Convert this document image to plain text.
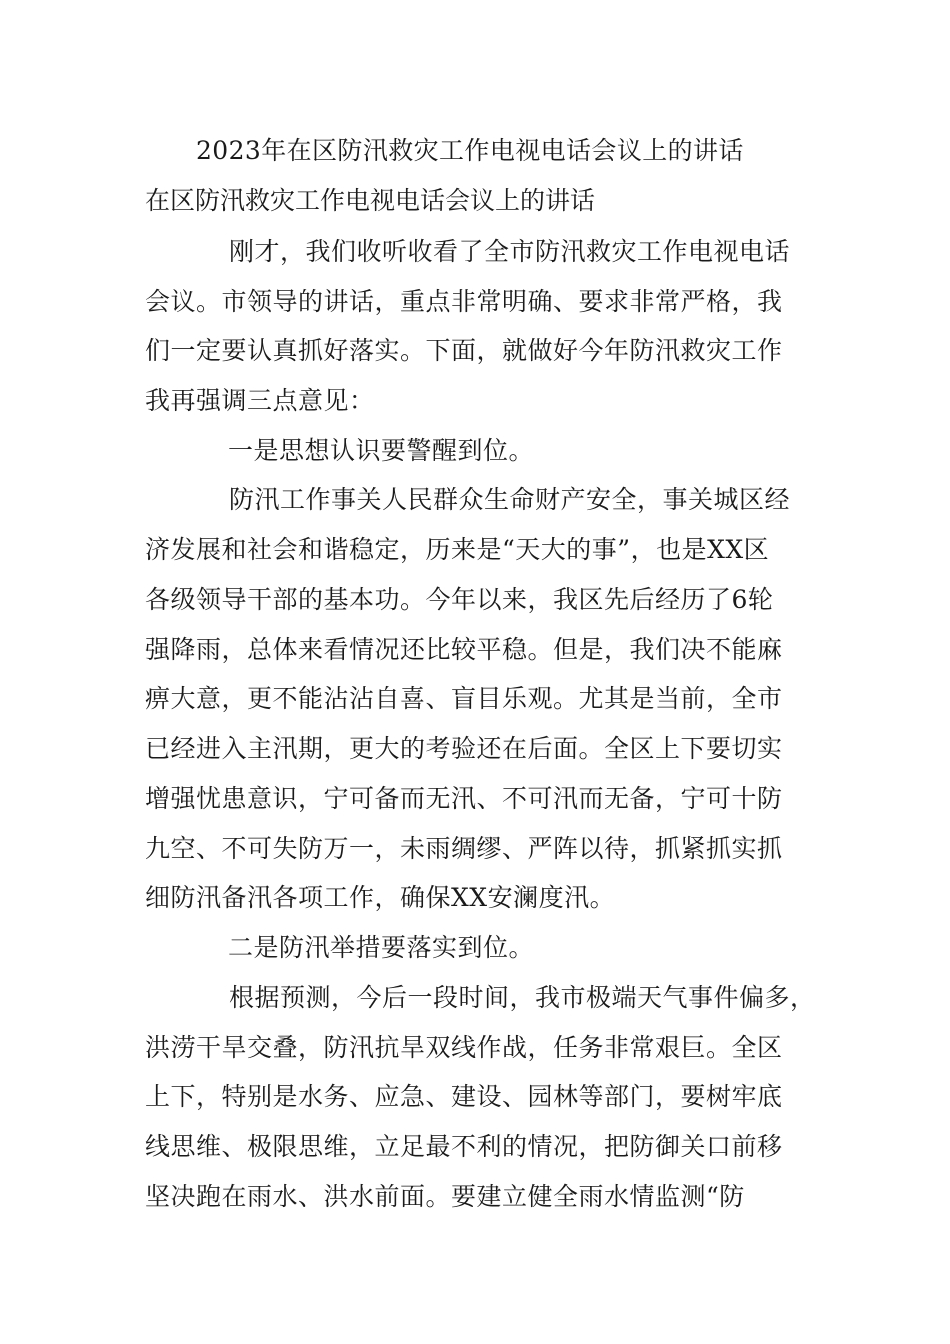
2023年在区防汛救灾工作电视电话会议上的讲话
在区防汛救灾工作电视电话会议上的讲话
刚才，我们收听收看了全市防汛救灾工作电视电话
会议。市领导的讲话，重点非常明确、要求非常严格，我
们一定要认真抓好落实。下面，就做好今年防汛救灾工作
我再强调三点意见：
一是思想认识要警醒到位。
防汛工作事关人民群众生命财产安全，事关城区经
济发展和社会和谐稳定，历来是“天大的事”，也是XX区
各级领导干部的基本功。今年以来，我区先后经历了6轮
强降雨，总体来看情况还比较平稳。但是，我们决不能麻
痹大意，更不能沾沾自喜、盲目乐观。尤其是当前，全市
已经进入主汛期，更大的考验还在后面。全区上下要切实
增强忧患意识，宁可备而无汛、不可汛而无备，宁可十防
九空、不可失防万一，未雨绸缪、严阵以待，抓紧抓实抓
细防汛备汛各项工作，确保XX安澜度汛。
二是防汛举措要落实到位。
根据预测，今后一段时间，我市极端天气事件偏多，
洪涝干旱交叠，防汛抗旱双线作战，任务非常艰巨。全区
上下，特别是水务、应急、建设、园林等部门，要树牢底
线思维、极限思维，立足最不利的情况，把防御关口前移
坚决跑在雨水、洪水前面。要建立健全雨水情监测“防
